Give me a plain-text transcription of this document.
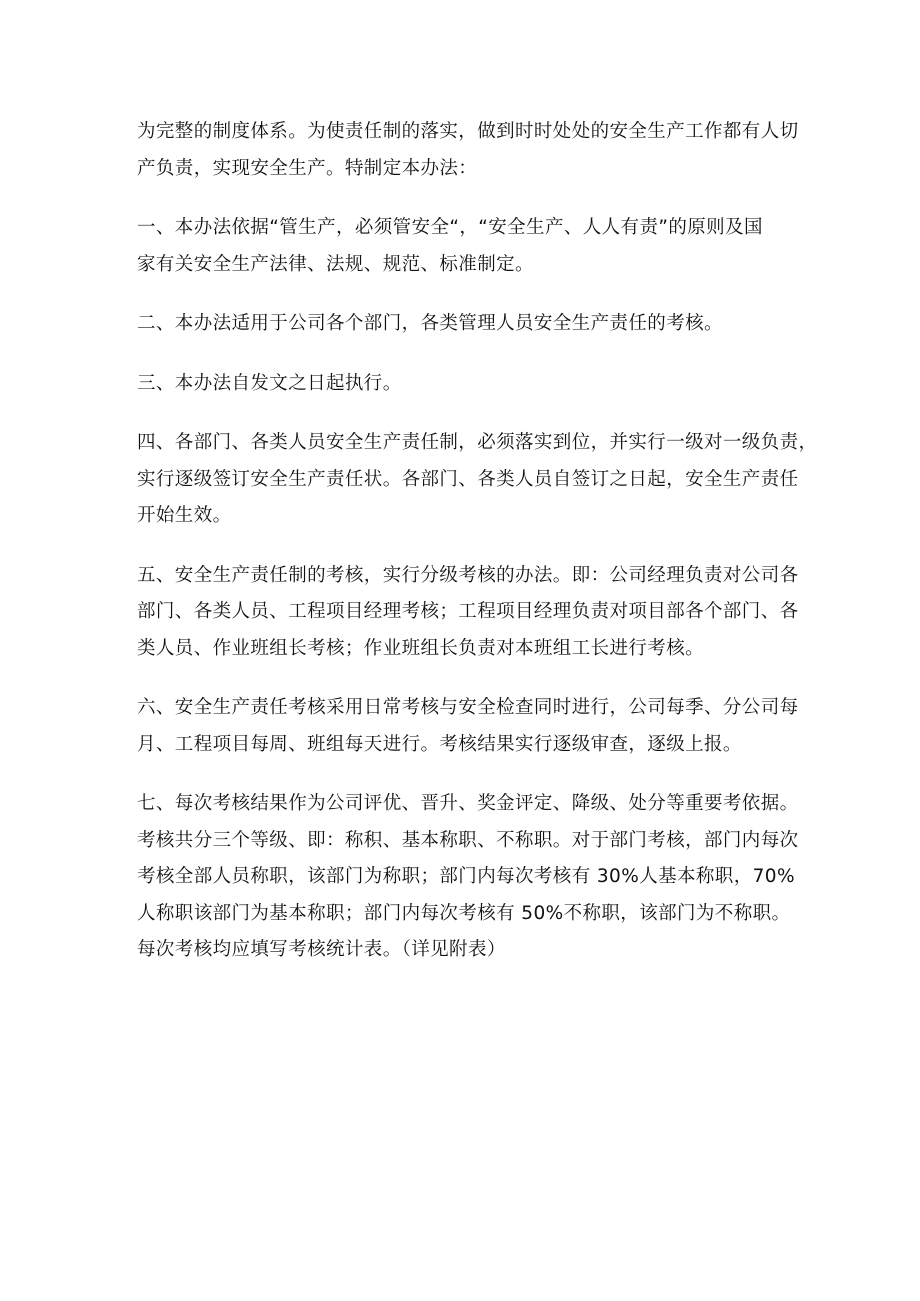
为完整的制度体系。为使责任制的落实，做到时时处处的安全生产工作都有人切
产负责，实现安全生产。特制定本办法：

一、本办法依据“管生产，必须管安全“，“安全生产、人人有责”的原则及国
家有关安全生产法律、法规、规范、标准制定。

二、本办法适用于公司各个部门，各类管理人员安全生产责任的考核。

三、本办法自发文之日起执行。

四、各部门、各类人员安全生产责任制，必须落实到位，并实行一级对一级负责，
实行逐级签订安全生产责任状。各部门、各类人员自签订之日起，安全生产责任
开始生效。

五、安全生产责任制的考核，实行分级考核的办法。即：公司经理负责对公司各
部门、各类人员、工程项目经理考核；工程项目经理负责对项目部各个部门、各
类人员、作业班组长考核；作业班组长负责对本班组工长进行考核。

六、安全生产责任考核采用日常考核与安全检查同时进行，公司每季、分公司每
月、工程项目每周、班组每天进行。考核结果实行逐级审查，逐级上报。

七、每次考核结果作为公司评优、晋升、奖金评定、降级、处分等重要考依据。
考核共分三个等级、即：称积、基本称职、不称职。对于部门考核，部门内每次
考核全部人员称职，该部门为称职；部门内每次考核有 30%人基本称职，70%
人称职该部门为基本称职；部门内每次考核有 50%不称职，该部门为不称职。
每次考核均应填写考核统计表。（详见附表）
